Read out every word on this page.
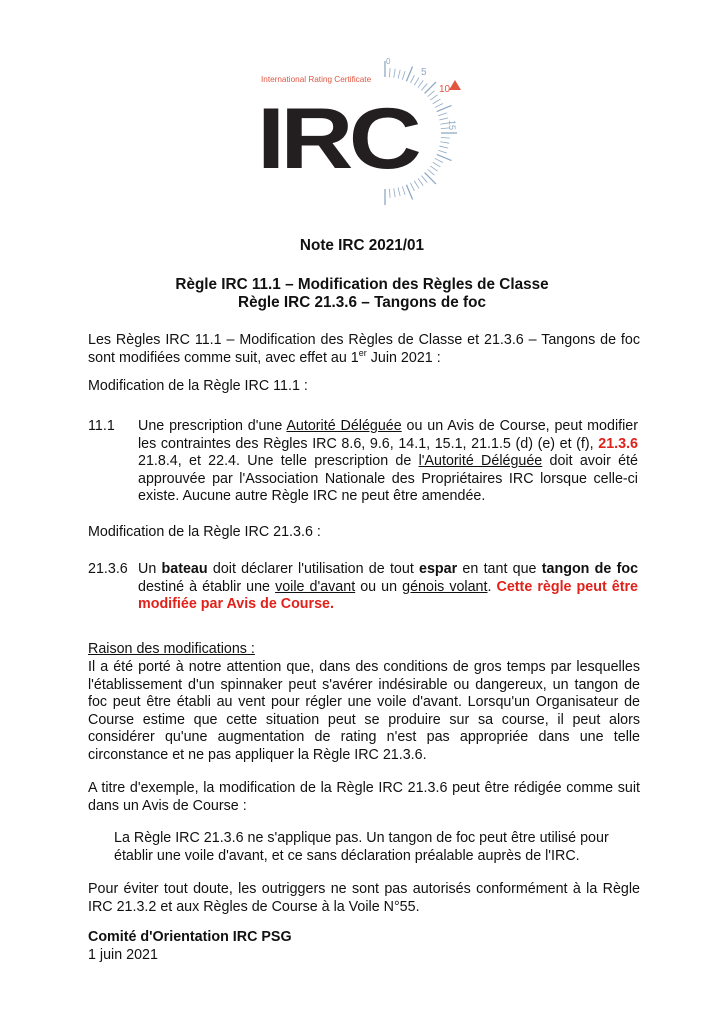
International Rating Certificate
IRC
0
5
10
15
Note IRC 2021/01
Règle IRC 11.1 – Modification des Règles de Classe
Règle IRC 21.3.6 – Tangons de foc
Les Règles IRC 11.1 – Modification des Règles de Classe et 21.3.6 – Tangons de foc sont modifiées comme suit, avec effet au 1er Juin 2021 :
Modification de la Règle IRC 11.1 :
11.1 Une prescription d'une Autorité Déléguée ou un Avis de Course, peut modifier les contraintes des Règles IRC 8.6, 9.6, 14.1, 15.1, 21.1.5 (d) (e) et (f), 21.3.6 21.8.4, et 22.4. Une telle prescription de l'Autorité Déléguée doit avoir été approuvée par l'Association Nationale des Propriétaires IRC lorsque celle-ci existe. Aucune autre Règle IRC ne peut être amendée.
Modification de la Règle IRC 21.3.6 :
21.3.6 Un bateau doit déclarer l'utilisation de tout espar en tant que tangon de foc destiné à établir une voile d'avant ou un génois volant. Cette règle peut être modifiée par Avis de Course.
Raison des modifications :
Il a été porté à notre attention que, dans des conditions de gros temps par lesquelles l'établissement d'un spinnaker peut s'avérer indésirable ou dangereux, un tangon de foc peut être établi au vent pour régler une voile d'avant. Lorsqu'un Organisateur de Course estime que cette situation peut se produire sur sa course, il peut alors considérer qu'une augmentation de rating n'est pas appropriée dans une telle circonstance et ne pas appliquer la Règle IRC 21.3.6.
A titre d'exemple, la modification de la Règle IRC 21.3.6 peut être rédigée comme suit dans un Avis de Course :
La Règle IRC 21.3.6 ne s'applique pas. Un tangon de foc peut être utilisé pour établir une voile d'avant, et ce sans déclaration préalable auprès de l'IRC.
Pour éviter tout doute, les outriggers ne sont pas autorisés conformément à la Règle IRC 21.3.2 et aux Règles de Course à la Voile N°55.
Comité d'Orientation IRC PSG
1 juin 2021
